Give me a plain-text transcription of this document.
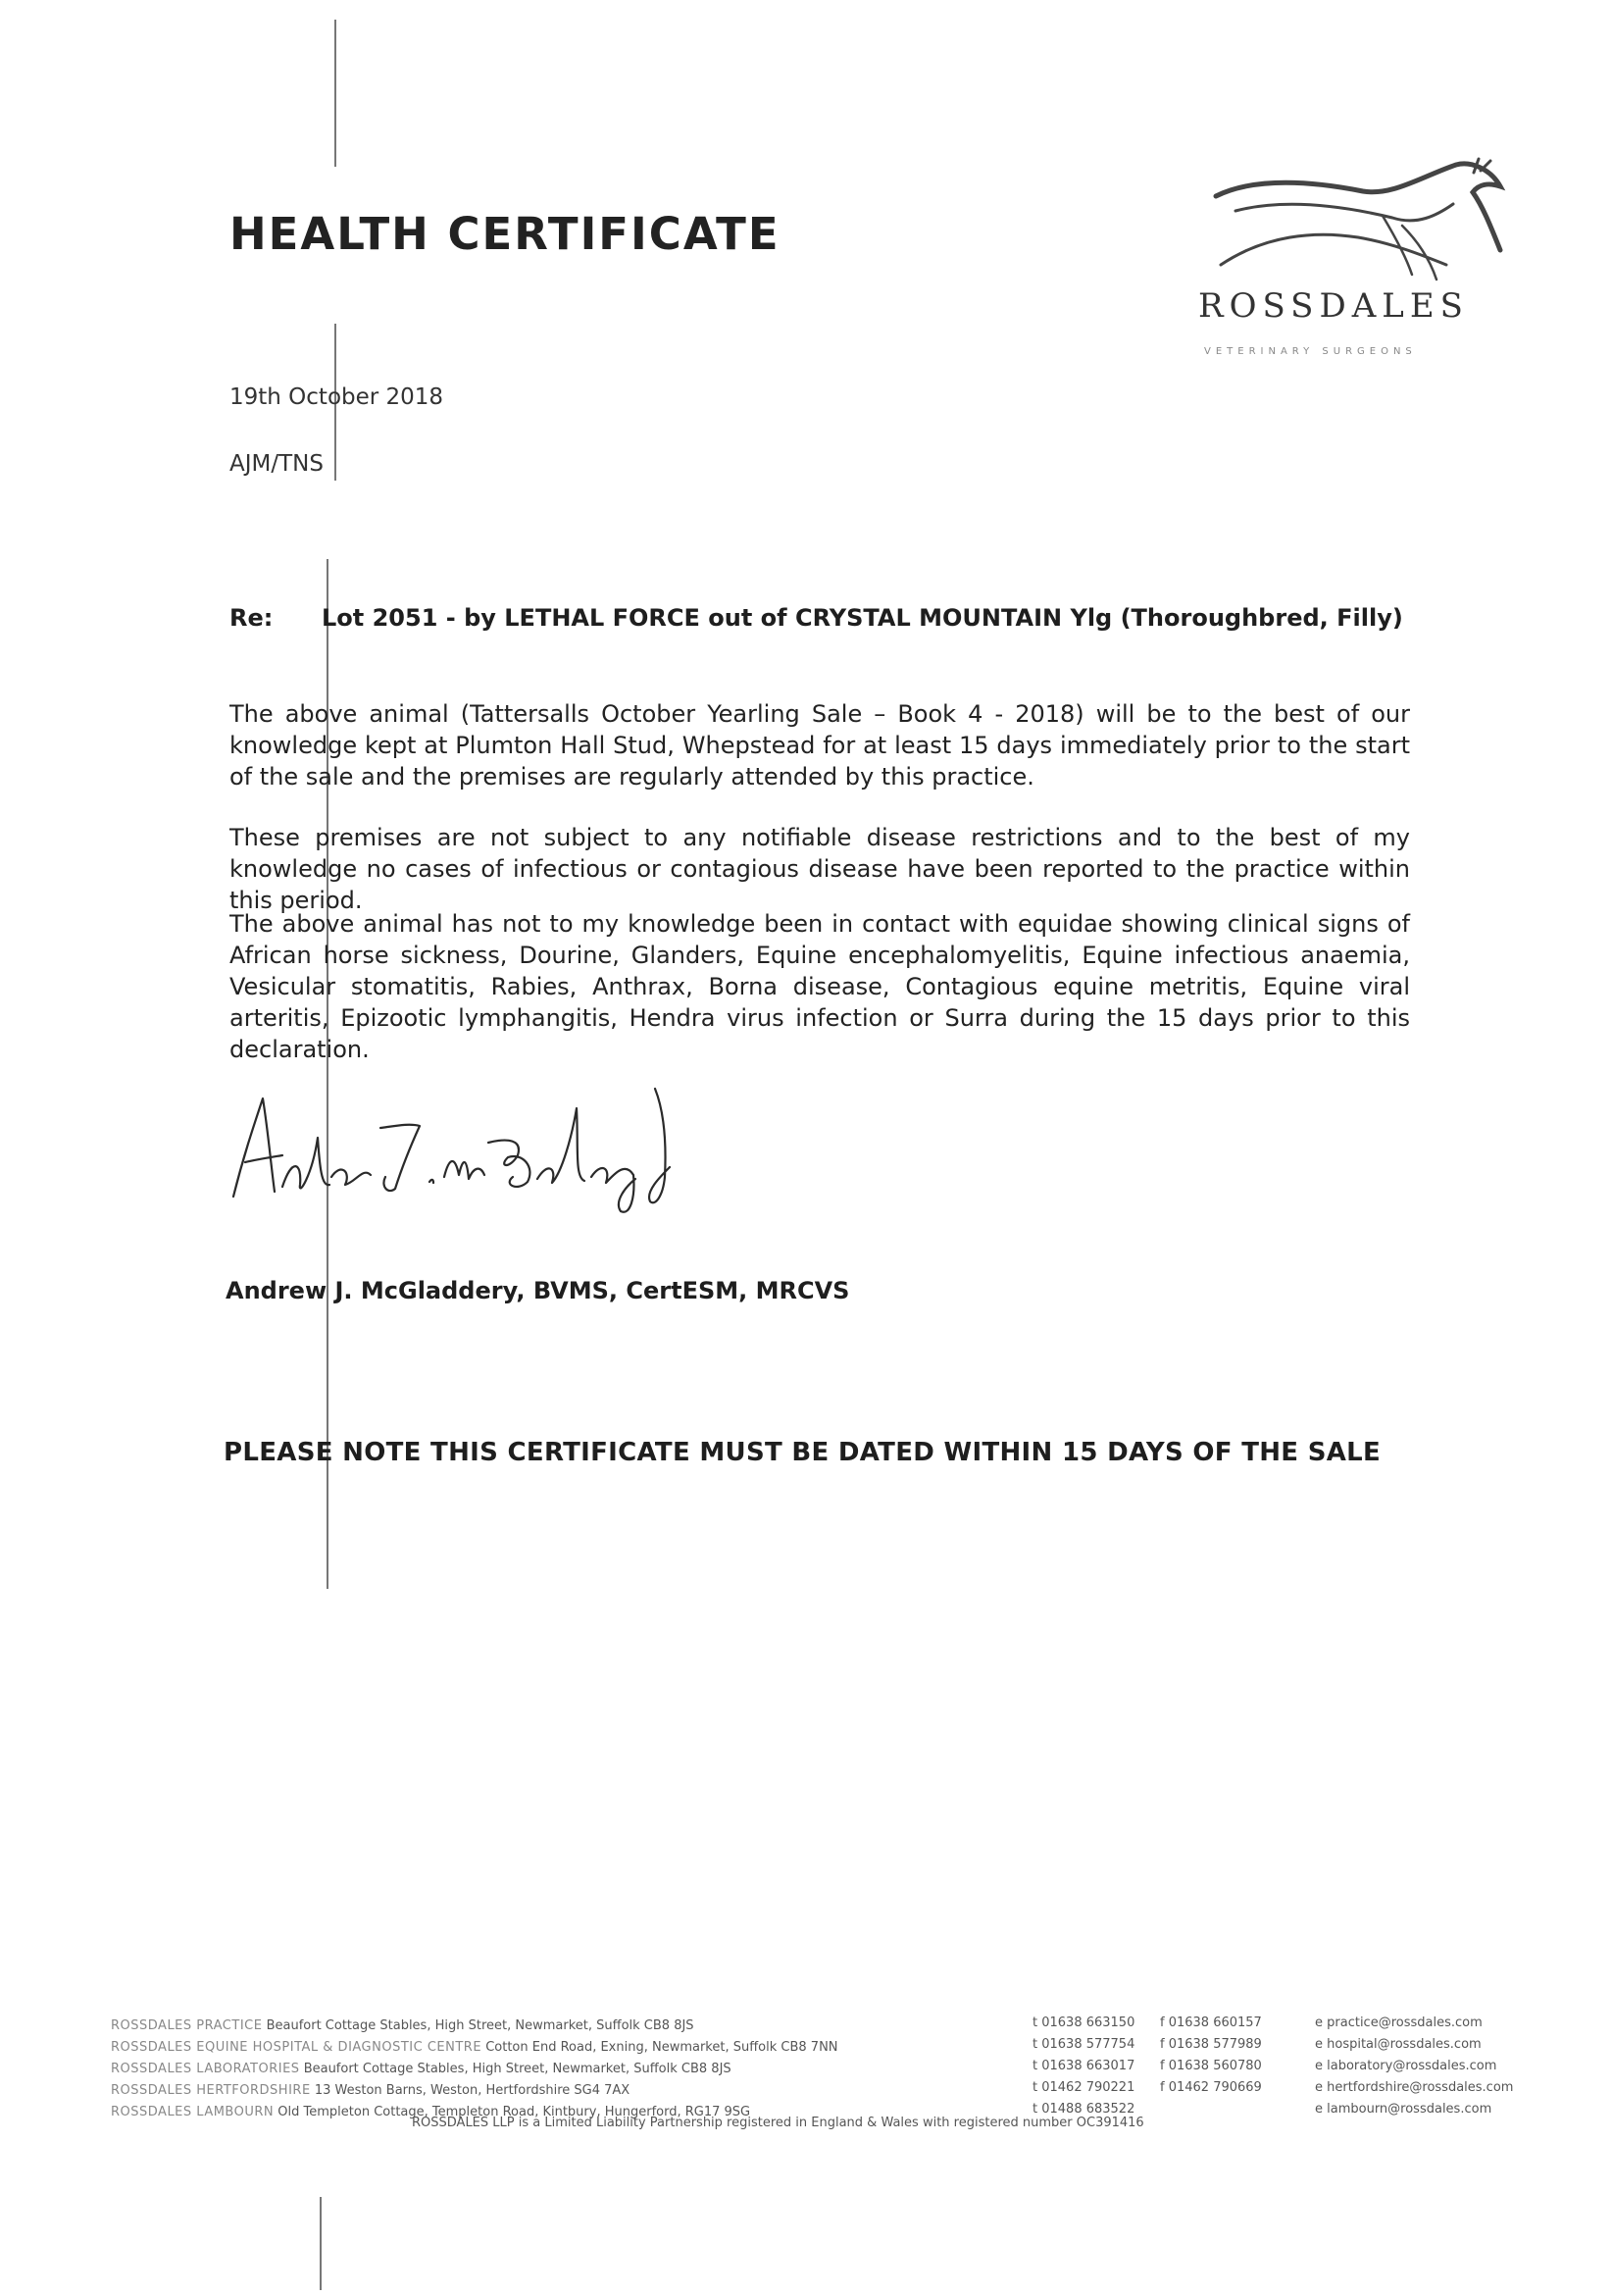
HEALTH CERTIFICATE
ROSSDALES
VETERINARY SURGEONS
19th October 2018
AJM/TNS
Re: Lot 2051 - by LETHAL FORCE out of CRYSTAL MOUNTAIN Ylg (Thoroughbred, Filly)

The above animal (Tattersalls October Yearling Sale – Book 4 - 2018) will be to the best of our knowledge kept at Plumton Hall Stud, Whepstead for at least 15 days immediately prior to the start of the sale and the premises are regularly attended by this practice.

These premises are not subject to any notifiable disease restrictions and to the best of my knowledge no cases of infectious or contagious disease have been reported to the practice within this period.

The above animal has not to my knowledge been in contact with equidae showing clinical signs of African horse sickness, Dourine, Glanders, Equine encephalomyelitis, Equine infectious anaemia, Vesicular stomatitis, Rabies, Anthrax, Borna disease, Contagious equine metritis, Equine viral arteritis, Epizootic lymphangitis, Hendra virus infection or Surra during the 15 days prior to this declaration.

Andrew J. McGladdery, BVMS, CertESM, MRCVS
PLEASE NOTE THIS CERTIFICATE MUST BE DATED WITHIN 15 DAYS OF THE SALE
ROSSDALES PRACTICE Beaufort Cottage Stables, High Street, Newmarket, Suffolk CB8 8JS
ROSSDALES EQUINE HOSPITAL & DIAGNOSTIC CENTRE Cotton End Road, Exning, Newmarket, Suffolk CB8 7NN
ROSSDALES LABORATORIES Beaufort Cottage Stables, High Street, Newmarket, Suffolk CB8 8JS
ROSSDALES HERTFORDSHIRE 13 Weston Barns, Weston, Hertfordshire SG4 7AX
ROSSDALES LAMBOURN Old Templeton Cottage, Templeton Road, Kintbury, Hungerford, RG17 9SG
t 01638 663150
t 01638 577754
t 01638 663017
t 01462 790221
t 01488 683522
f 01638 660157
f 01638 577989
f 01638 560780
f 01462 790669
e practice@rossdales.com
e hospital@rossdales.com
e laboratory@rossdales.com
e hertfordshire@rossdales.com
e lambourn@rossdales.com
ROSSDALES LLP is a Limited Liability Partnership registered in England & Wales with registered number OC391416
